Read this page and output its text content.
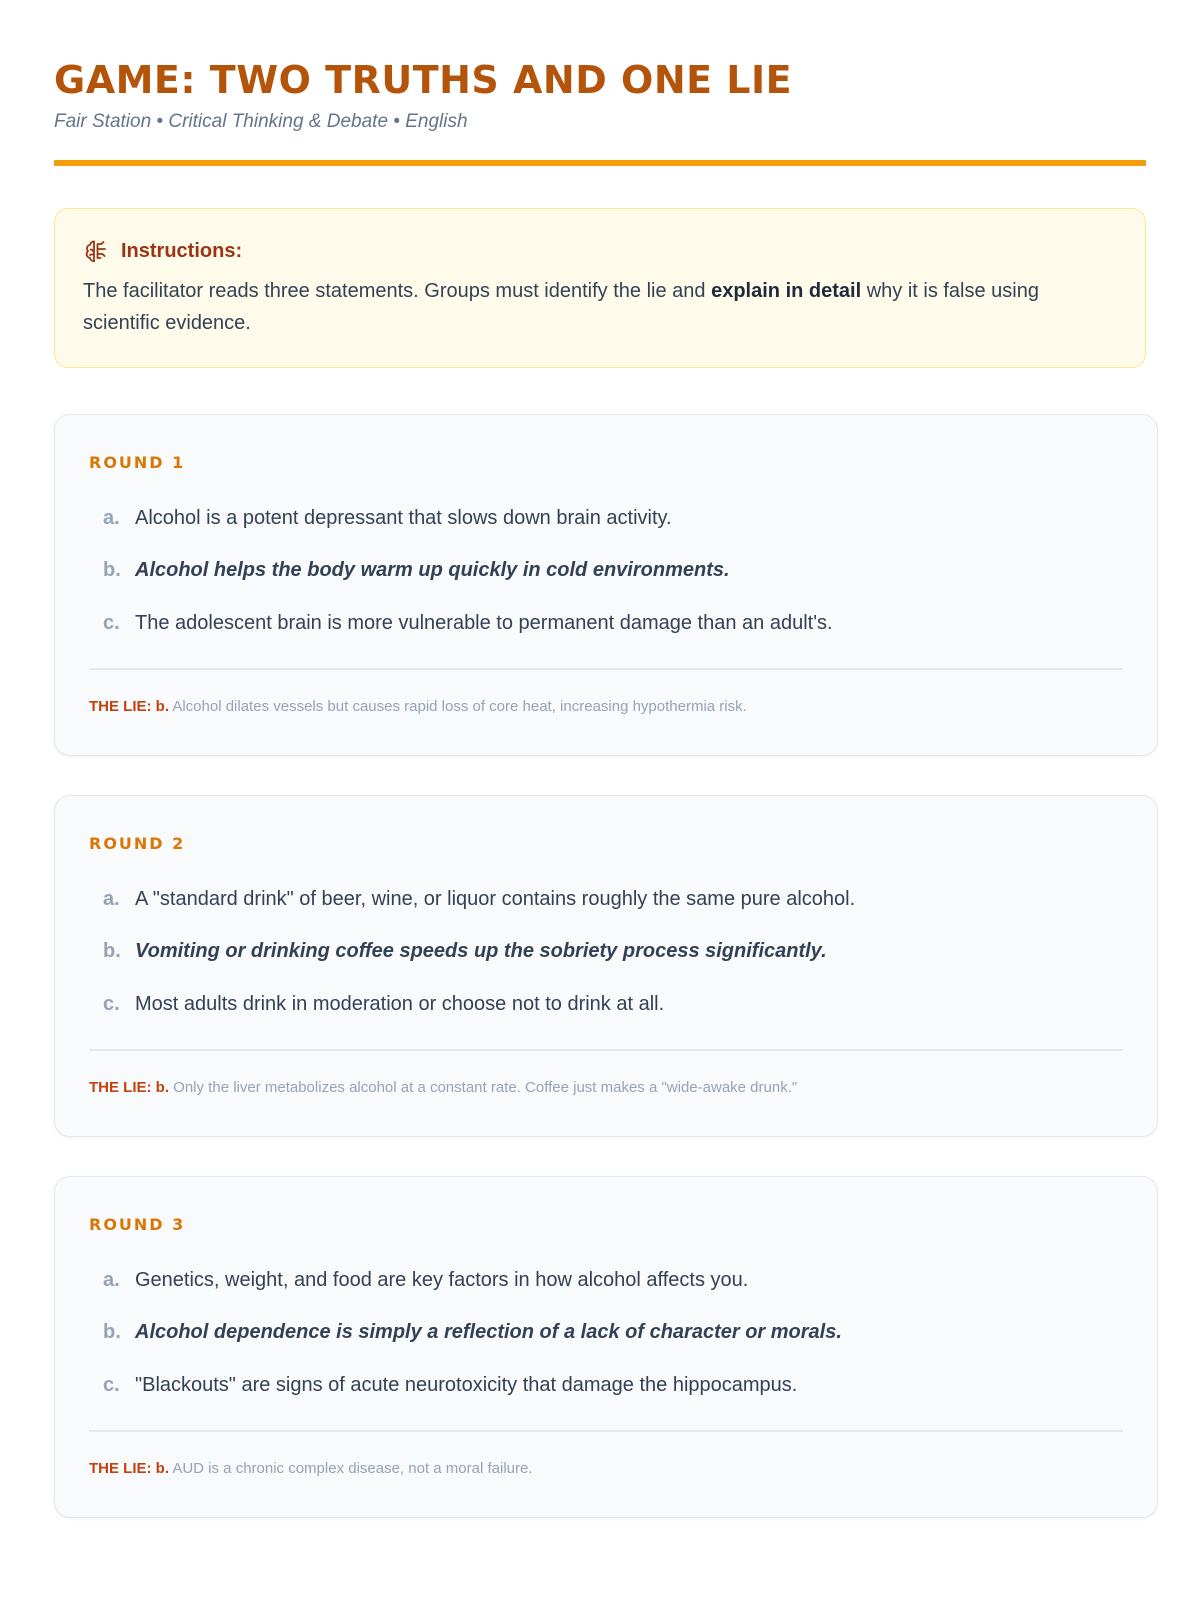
GAME: TWO TRUTHS AND ONE LIE
Fair Station • Critical Thinking & Debate • English
Instructions:
The facilitator reads three statements. Groups must identify the lie and explain in detail why it is false using scientific evidence.
ROUND 1
a. Alcohol is a potent depressant that slows down brain activity.
b. Alcohol helps the body warm up quickly in cold environments.
c. The adolescent brain is more vulnerable to permanent damage than an adult's.
THE LIE: b. Alcohol dilates vessels but causes rapid loss of core heat, increasing hypothermia risk.
ROUND 2
a. A "standard drink" of beer, wine, or liquor contains roughly the same pure alcohol.
b. Vomiting or drinking coffee speeds up the sobriety process significantly.
c. Most adults drink in moderation or choose not to drink at all.
THE LIE: b. Only the liver metabolizes alcohol at a constant rate. Coffee just makes a "wide-awake drunk."
ROUND 3
a. Genetics, weight, and food are key factors in how alcohol affects you.
b. Alcohol dependence is simply a reflection of a lack of character or morals.
c. "Blackouts" are signs of acute neurotoxicity that damage the hippocampus.
THE LIE: b. AUD is a chronic complex disease, not a moral failure.
